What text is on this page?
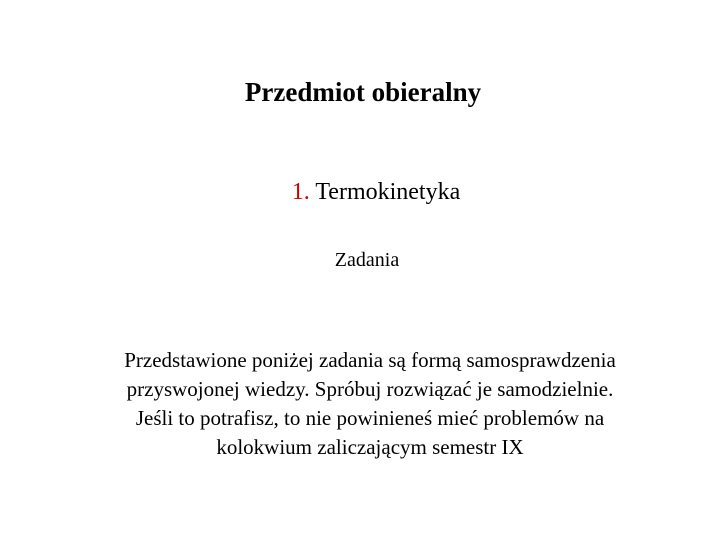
Przedmiot obieralny
1. Termokinetyka
Zadania
Przedstawione poniżej zadania są formą samosprawdzenia
przyswojonej wiedzy. Spróbuj rozwiązać je samodzielnie.
Jeśli to potrafisz, to nie powinieneś mieć problemów na
kolokwium zaliczającym semestr IX
